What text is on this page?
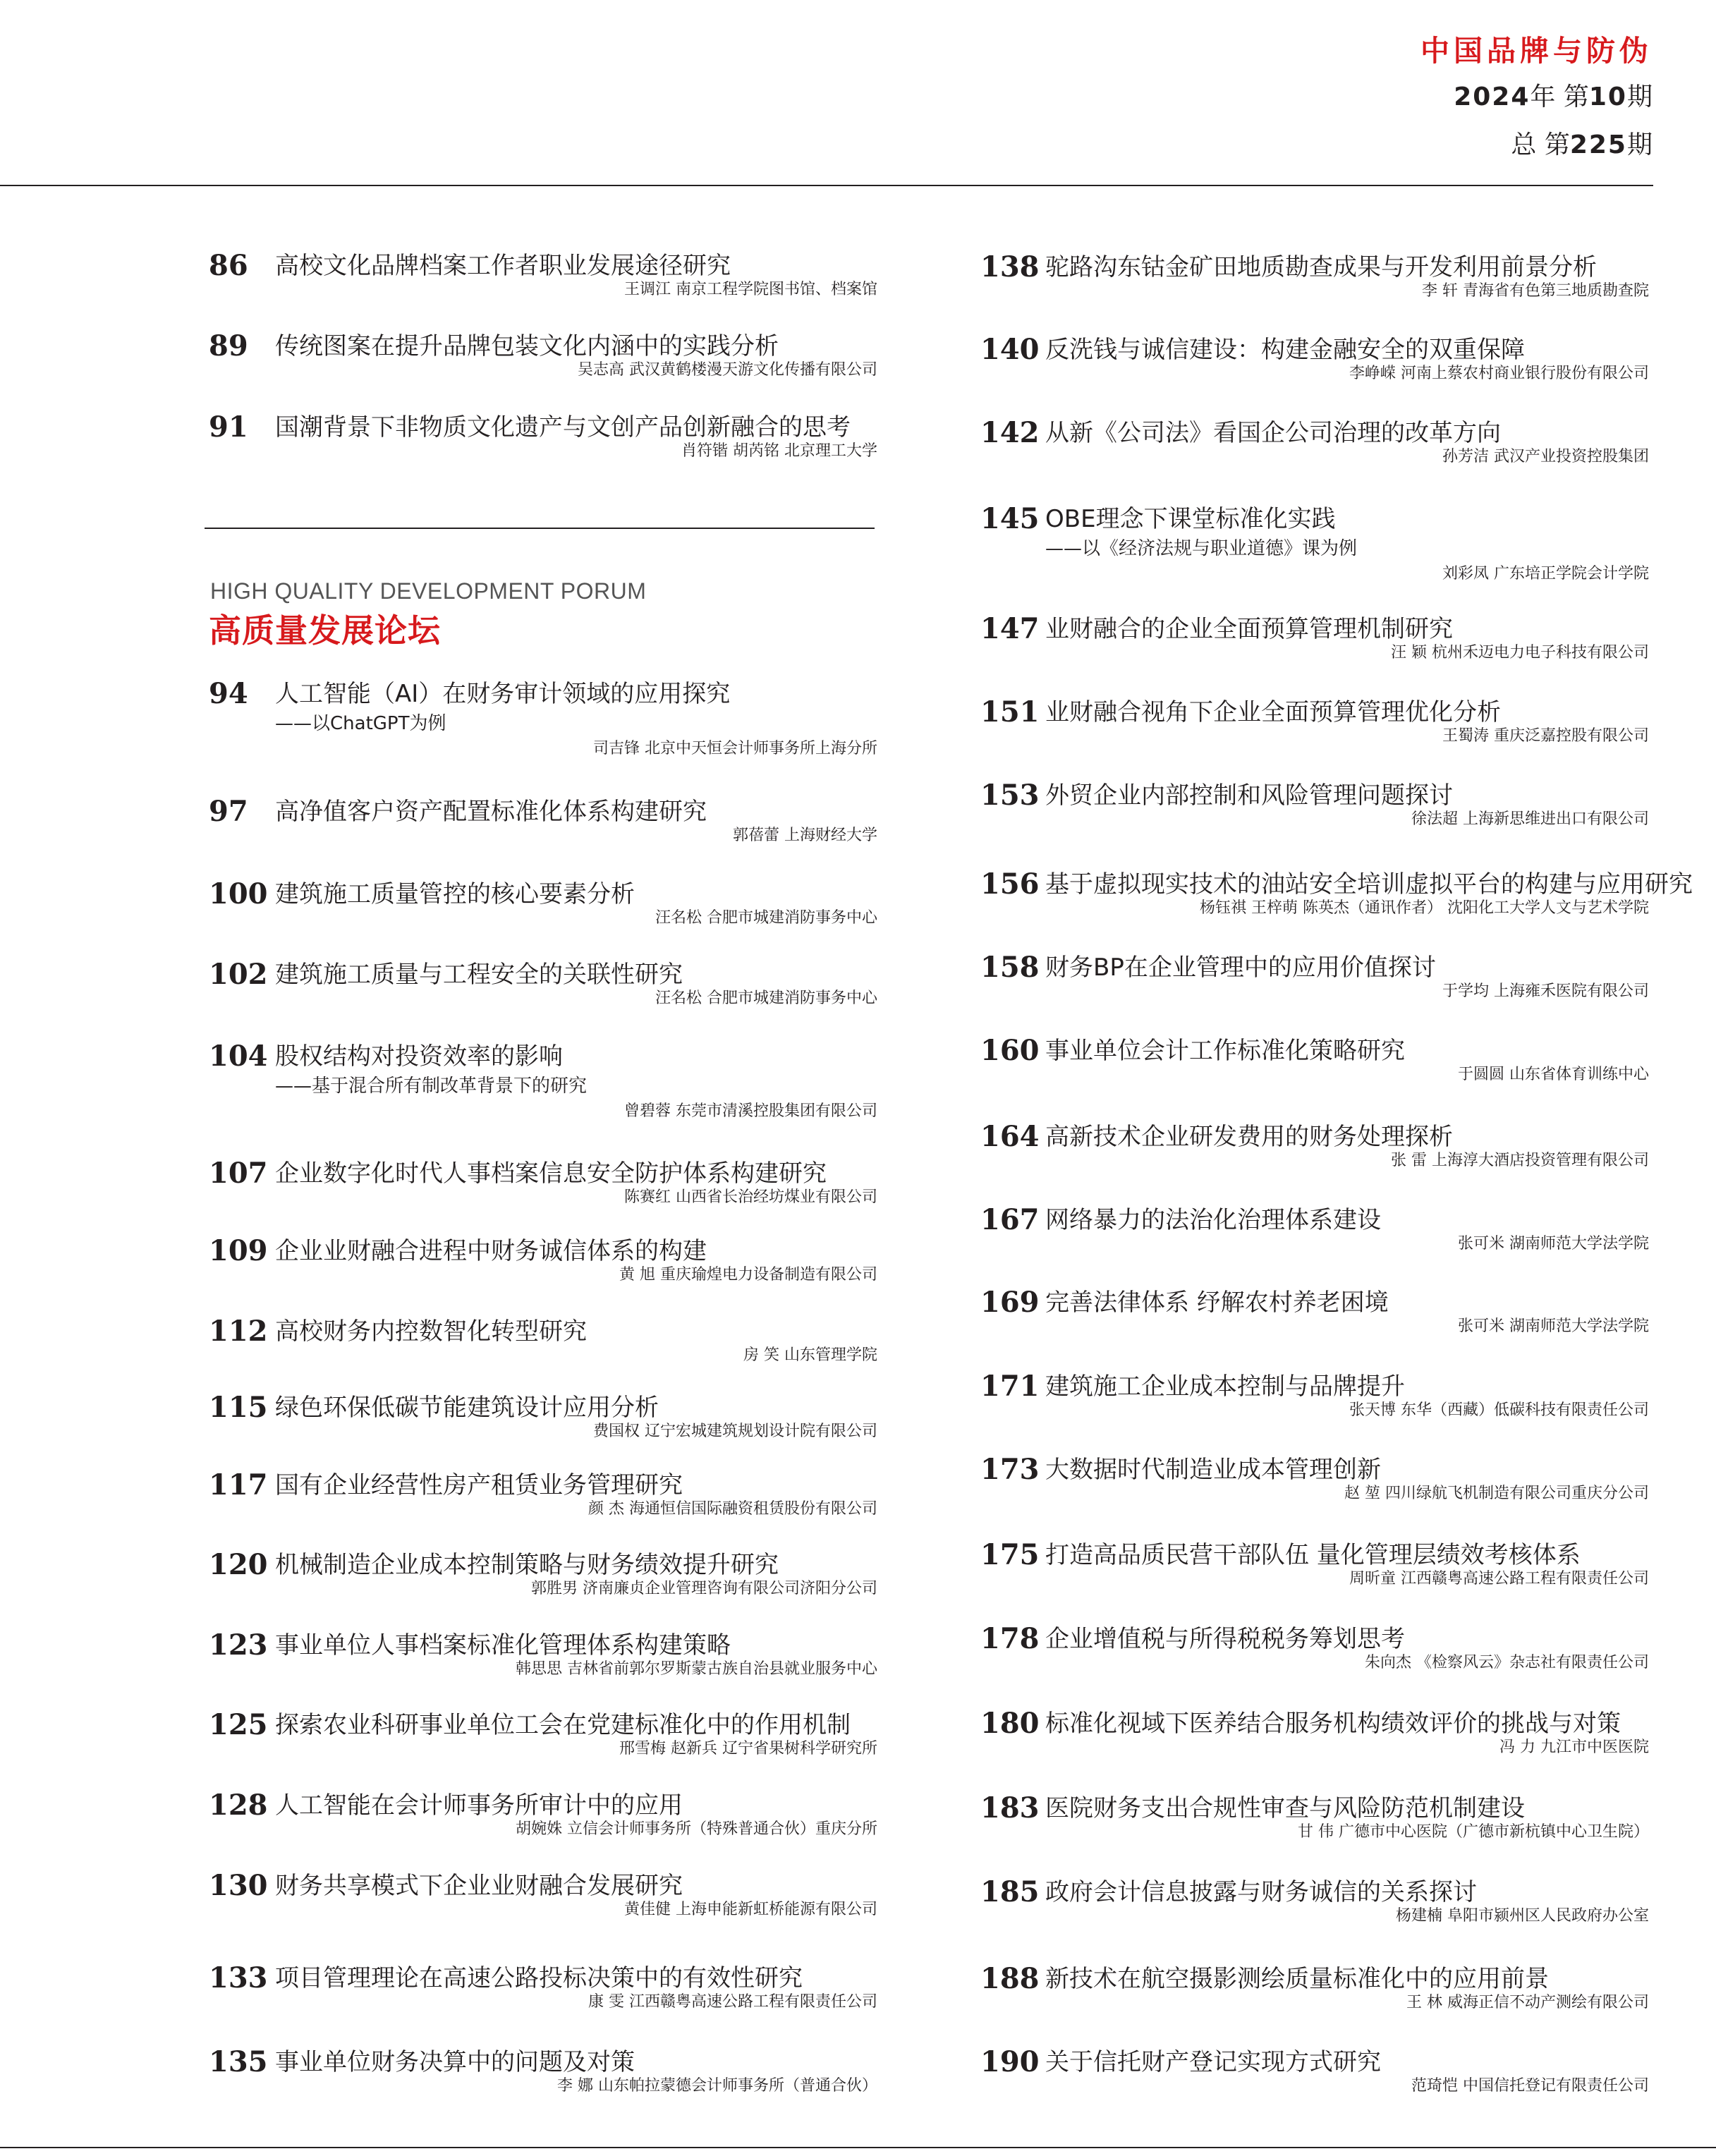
中国品牌与防伪
2024年 第10期
总 第225期
86 高校文化品牌档案工作者职业发展途径研究
王调江 南京工程学院图书馆、档案馆
89 传统图案在提升品牌包装文化内涵中的实践分析
吴志高 武汉黄鹤楼漫天游文化传播有限公司
91 国潮背景下非物质文化遗产与文创产品创新融合的思考
肖符锴 胡芮铭 北京理工大学
HIGH QUALITY DEVELOPMENT PORUM
高质量发展论坛
94 人工智能（AI）在财务审计领域的应用探究
——以ChatGPT为例
司吉锋 北京中天恒会计师事务所上海分所
97 高净值客户资产配置标准化体系构建研究
郭蓓蕾 上海财经大学
100 建筑施工质量管控的核心要素分析
汪名松 合肥市城建消防事务中心
102 建筑施工质量与工程安全的关联性研究
汪名松 合肥市城建消防事务中心
104 股权结构对投资效率的影响
——基于混合所有制改革背景下的研究
曾碧蓉 东莞市清溪控股集团有限公司
107 企业数字化时代人事档案信息安全防护体系构建研究
陈赛红 山西省长治经坊煤业有限公司
109 企业业财融合进程中财务诚信体系的构建
黄 旭 重庆瑜煌电力设备制造有限公司
112 高校财务内控数智化转型研究
房 笑 山东管理学院
115 绿色环保低碳节能建筑设计应用分析
费国权 辽宁宏城建筑规划设计院有限公司
117 国有企业经营性房产租赁业务管理研究
颜 杰 海通恒信国际融资租赁股份有限公司
120 机械制造企业成本控制策略与财务绩效提升研究
郭胜男 济南廉贞企业管理咨询有限公司济阳分公司
123 事业单位人事档案标准化管理体系构建策略
韩思思 吉林省前郭尔罗斯蒙古族自治县就业服务中心
125 探索农业科研事业单位工会在党建标准化中的作用机制
邢雪梅 赵新兵 辽宁省果树科学研究所
128 人工智能在会计师事务所审计中的应用
胡婉姝 立信会计师事务所（特殊普通合伙）重庆分所
130 财务共享模式下企业业财融合发展研究
黄佳健 上海申能新虹桥能源有限公司
133 项目管理理论在高速公路投标决策中的有效性研究
康 雯 江西赣粤高速公路工程有限责任公司
135 事业单位财务决算中的问题及对策
李 娜 山东帕拉蒙德会计师事务所（普通合伙）
138 驼路沟东钴金矿田地质勘查成果与开发利用前景分析
李 轩 青海省有色第三地质勘查院
140 反洗钱与诚信建设：构建金融安全的双重保障
李峥嵘 河南上蔡农村商业银行股份有限公司
142 从新《公司法》看国企公司治理的改革方向
孙芳洁 武汉产业投资控股集团
145 OBE理念下课堂标准化实践
——以《经济法规与职业道德》课为例
刘彩凤 广东培正学院会计学院
147 业财融合的企业全面预算管理机制研究
汪 颖 杭州禾迈电力电子科技有限公司
151 业财融合视角下企业全面预算管理优化分析
王蜀涛 重庆泛嘉控股有限公司
153 外贸企业内部控制和风险管理问题探讨
徐法超 上海新思维进出口有限公司
156 基于虚拟现实技术的油站安全培训虚拟平台的构建与应用研究
杨钰祺 王梓萌 陈英杰（通讯作者） 沈阳化工大学人文与艺术学院
158 财务BP在企业管理中的应用价值探讨
于学均 上海雍禾医院有限公司
160 事业单位会计工作标准化策略研究
于圆圆 山东省体育训练中心
164 高新技术企业研发费用的财务处理探析
张 雷 上海淳大酒店投资管理有限公司
167 网络暴力的法治化治理体系建设
张可米 湖南师范大学法学院
169 完善法律体系 纾解农村养老困境
张可米 湖南师范大学法学院
171 建筑施工企业成本控制与品牌提升
张天博 东华（西藏）低碳科技有限责任公司
173 大数据时代制造业成本管理创新
赵 堃 四川绿航飞机制造有限公司重庆分公司
175 打造高品质民营干部队伍 量化管理层绩效考核体系
周昕童 江西赣粤高速公路工程有限责任公司
178 企业增值税与所得税税务筹划思考
朱向杰 《检察风云》杂志社有限责任公司
180 标准化视域下医养结合服务机构绩效评价的挑战与对策
冯 力 九江市中医医院
183 医院财务支出合规性审查与风险防范机制建设
甘 伟 广德市中心医院（广德市新杭镇中心卫生院）
185 政府会计信息披露与财务诚信的关系探讨
杨建楠 阜阳市颍州区人民政府办公室
188 新技术在航空摄影测绘质量标准化中的应用前景
王 林 威海正信不动产测绘有限公司
190 关于信托财产登记实现方式研究
范琦恺 中国信托登记有限责任公司
